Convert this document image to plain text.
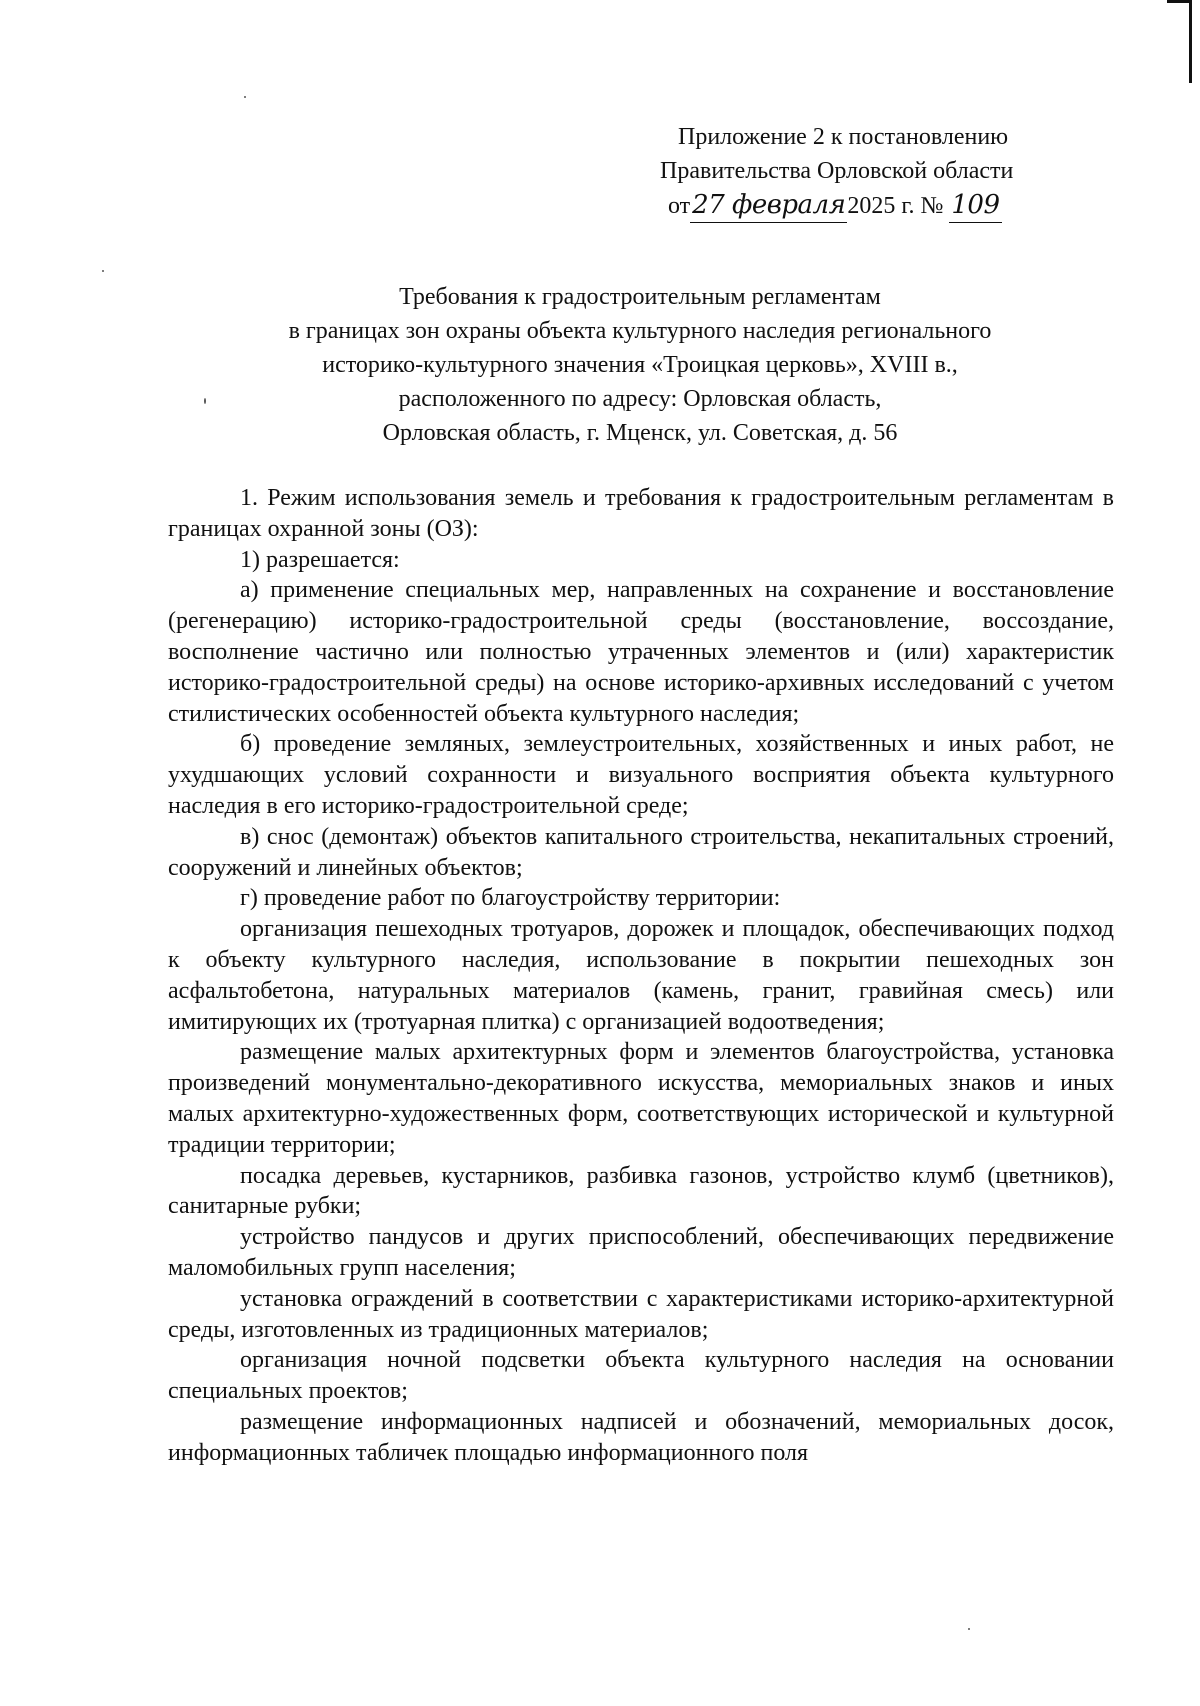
Приложение 2 к постановлению
Правительства Орловской области
от27 февраля2025 г. № 109
Требования к градостроительным регламентам
в границах зон охраны объекта культурного наследия регионального
историко-культурного значения «Троицкая церковь», XVIII в.,
расположенного по адресу: Орловская область,
Орловская область, г. Мценск, ул. Советская, д. 56

1. Режим использования земель и требования к градостроительным регламентам в границах охранной зоны (ОЗ):

1) разрешается:

а) применение специальных мер, направленных на сохранение и восстановление (регенерацию) историко-градостроительной среды (восстановление, воссоздание, восполнение частично или полностью утраченных элементов и (или) характеристик историко-градостроительной среды) на основе историко-архивных исследований с учетом стилистических особенностей объекта культурного наследия;

б) проведение земляных, землеустроительных, хозяйственных и иных работ, не ухудшающих условий сохранности и визуального восприятия объекта культурного наследия в его историко-градостроительной среде;

в) снос (демонтаж) объектов капитального строительства, некапитальных строений, сооружений и линейных объектов;

г) проведение работ по благоустройству территории:

организация пешеходных тротуаров, дорожек и площадок, обеспечивающих подход к объекту культурного наследия, использование в покрытии пешеходных зон асфальтобетона, натуральных материалов (камень, гранит, гравийная смесь) или имитирующих их (тротуарная плитка) с организацией водоотведения;

размещение малых архитектурных форм и элементов благоустройства, установка произведений монументально-декоративного искусства, мемориальных знаков и иных малых архитектурно-художественных форм, соответствующих исторической и культурной традиции территории;

посадка деревьев, кустарников, разбивка газонов, устройство клумб (цветников), санитарные рубки;

устройство пандусов и других приспособлений, обеспечивающих передвижение маломобильных групп населения;

установка ограждений в соответствии с характеристиками историко-архитектурной среды, изготовленных из традиционных материалов;

организация ночной подсветки объекта культурного наследия на основании специальных проектов;

размещение информационных надписей и обозначений, мемориальных досок, информационных табличек площадью информационного поля
